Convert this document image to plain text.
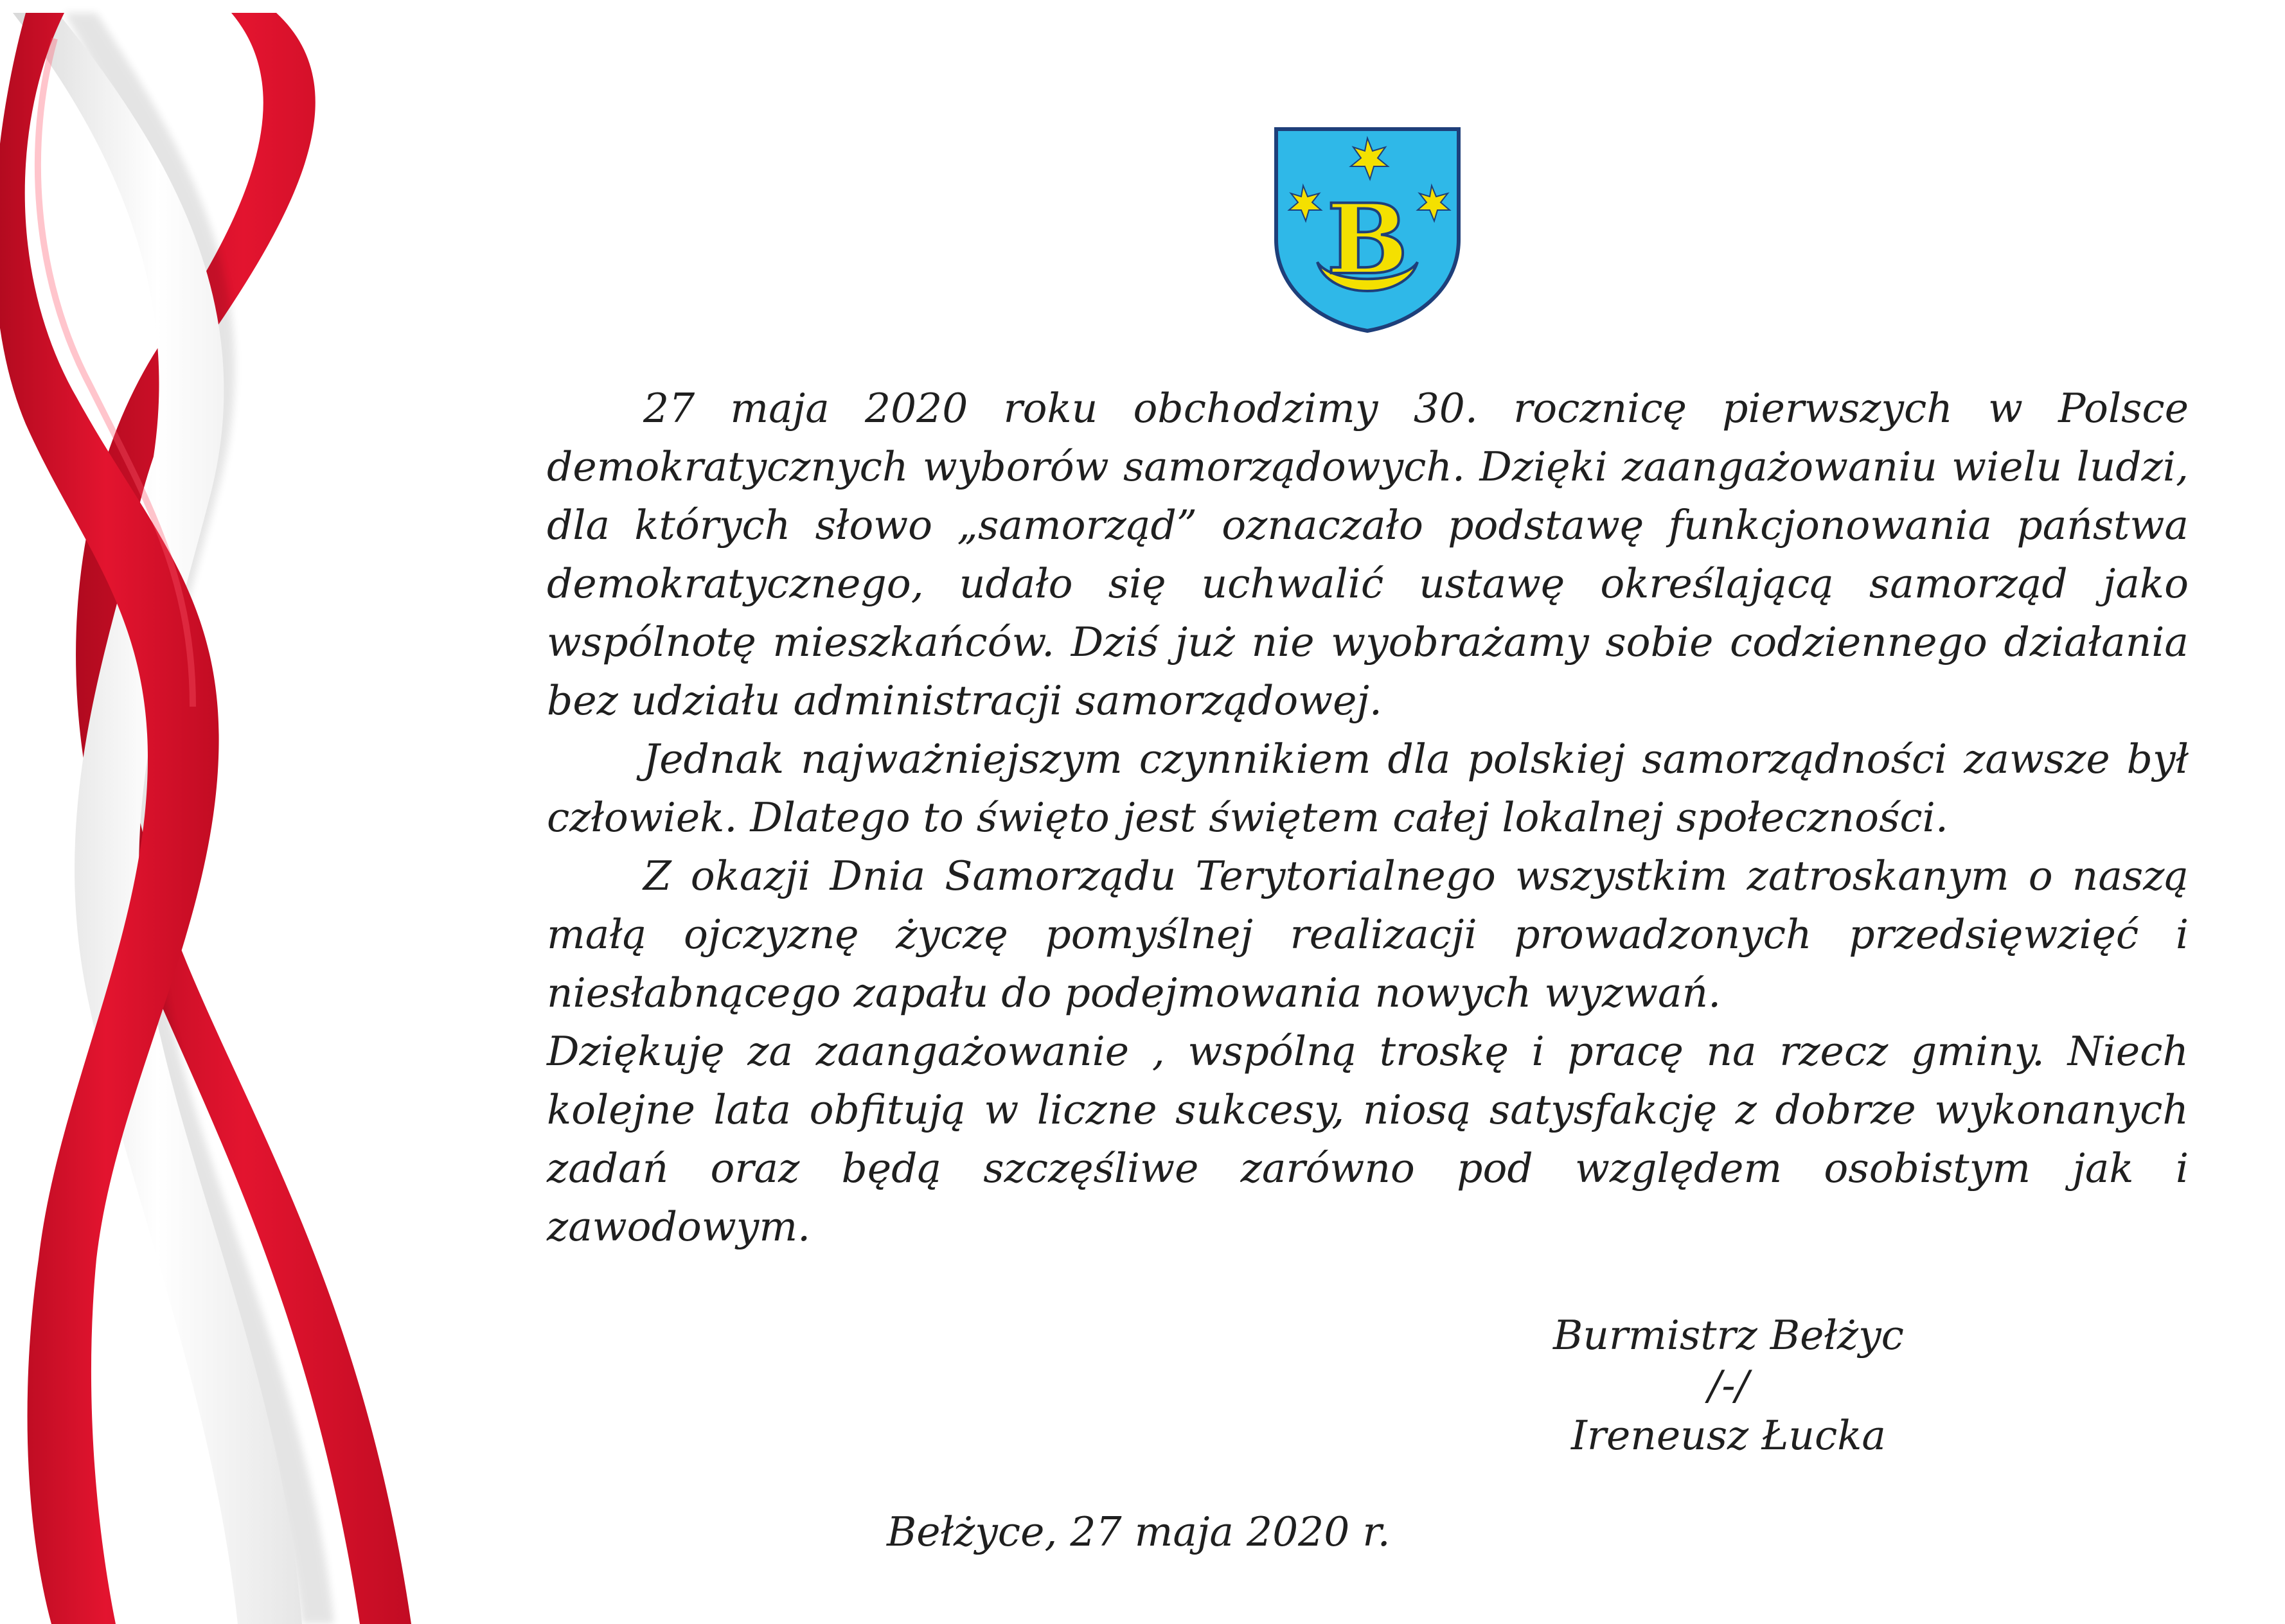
B

27 maja 2020 roku obchodzimy 30. rocznicę pierwszych w Polsce demokratycznych wyborów samorządowych. Dzięki zaangażowaniu wielu ludzi, dla których słowo „samorząd” oznaczało podstawę funkcjonowania państwa demokratycznego, udało się uchwalić ustawę określającą samorząd jako wspólnotę mieszkańców. Dziś już nie wyobrażamy sobie codziennego działania bez udziału administracji samorządowej.

Jednak najważniejszym czynnikiem dla polskiej samorządności zawsze był człowiek. Dlatego to święto jest świętem całej lokalnej społeczności.

Z okazji Dnia Samorządu Terytorialnego wszystkim zatroskanym o naszą małą ojczyznę życzę pomyślnej realizacji prowadzonych przedsięwzięć i niesłabnącego zapału do podejmowania nowych wyzwań.

Dziękuję za zaangażowanie , wspólną troskę i pracę na rzecz gminy. Niech kolejne lata obfitują w liczne sukcesy, niosą satysfakcję z dobrze wykonanych zadań oraz będą szczęśliwe zarówno pod względem osobistym jak i zawodowym.

Burmistrz Bełżyc
/-/
Ireneusz Łucka
Bełżyce, 27 maja 2020 r.
